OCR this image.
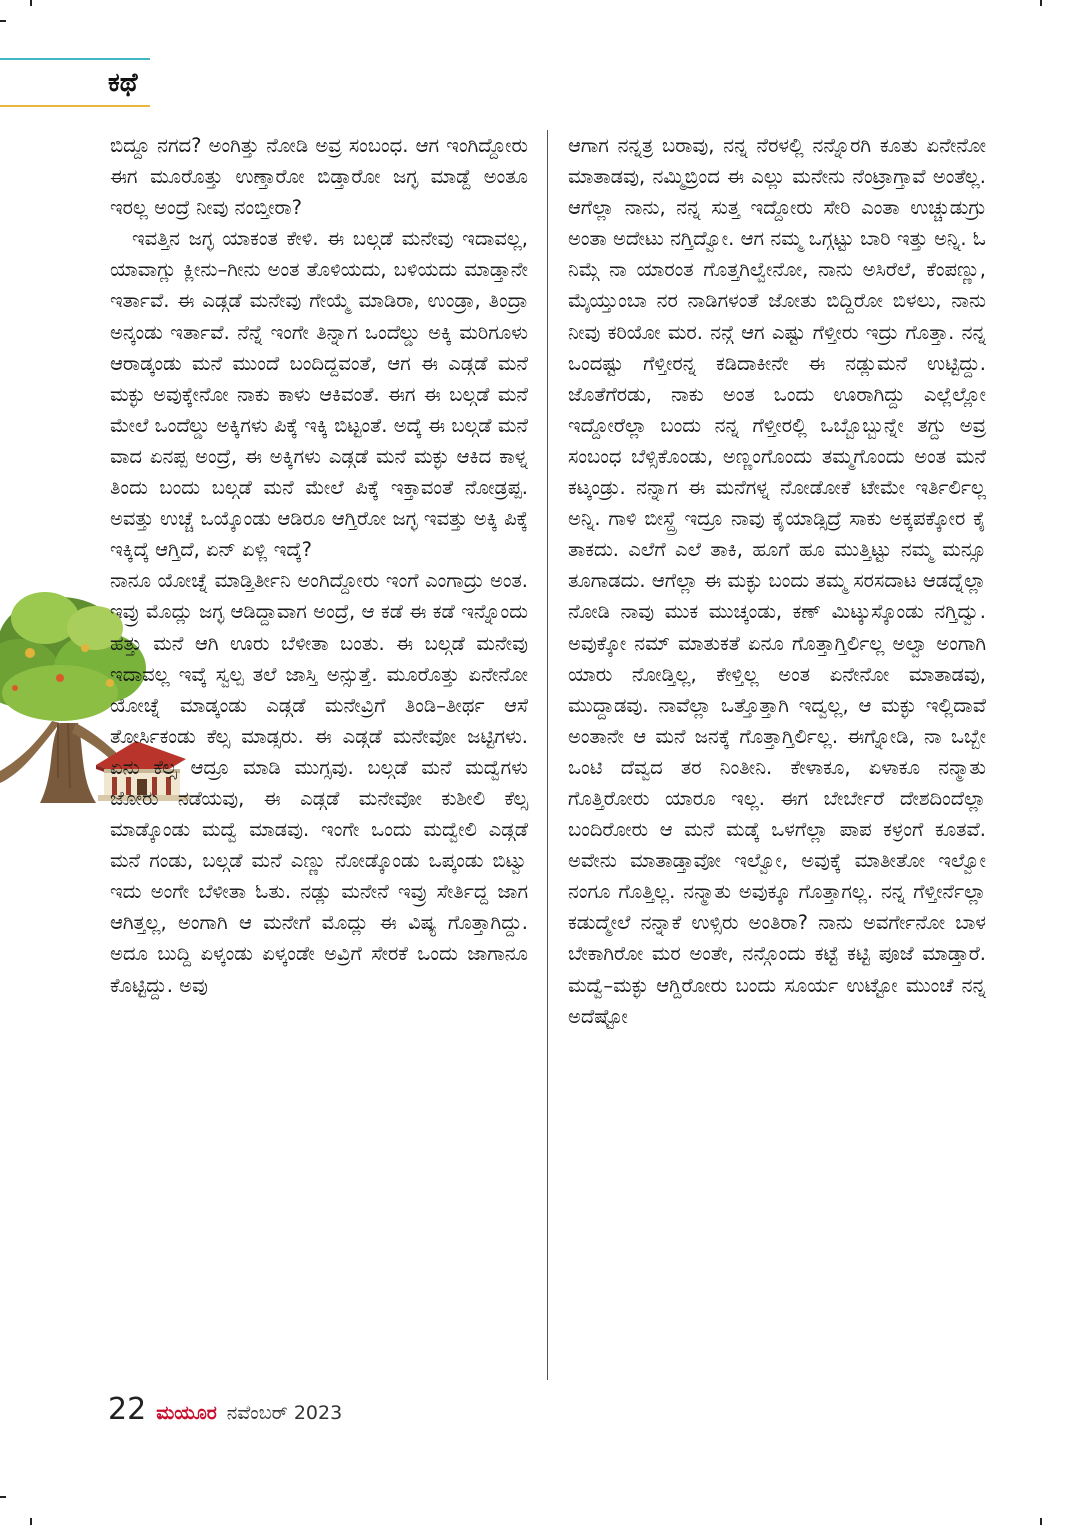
ಕಥೆ

ಬಿದ್ದೂ ನಗದ? ಅಂಗಿತ್ತು ನೋಡಿ ಅವ್ರ ಸಂಬಂಧ. ಆಗ ಇಂಗಿದ್ದೋರು ಈಗ ಮೂರೊತ್ತು ಉಣ್ತಾರೋ ಬಿಡ್ತಾರೋ ಜಗ್ಳ ಮಾಡ್ದೆ ಅಂತೂ ಇರಲ್ಲ ಅಂದ್ರೆ ನೀವು ನಂಬ್ತೀರಾ?

ಇವತ್ತಿನ ಜಗ್ಳ ಯಾಕಂತ ಕೇಳಿ. ಈ ಬಲ್ಗಡೆ ಮನೇವು ಇದಾವಲ್ಲ, ಯಾವಾಗ್ಲು ಕ್ಲೀನು–ಗೀನು ಅಂತ ತೊಳಿಯದು, ಬಳಿಯದು ಮಾಡ್ತಾನೇ ಇರ್ತಾವೆ. ಈ ಎಡ್ಗಡೆ ಮನೇವು ಗೇಯ್ಮೆ ಮಾಡಿರಾ, ಉಂಡ್ರಾ, ತಿಂದ್ರಾ ಅನ್ಕಂಡು ಇರ್ತಾವೆ. ನೆನ್ನೆ ಇಂಗೇ ತಿನ್ನಾಗ ಒಂದೆಲ್ಡು ಅಕ್ಕಿ ಮರಿಗೂಳು ಆರಾಡ್ಕಂಡು ಮನೆ ಮುಂದೆ ಬಂದಿದ್ದವಂತೆ, ಆಗ ಈ ಎಡ್ಗಡೆ ಮನೆ ಮಕ್ಳು ಅವುಕ್ಕೇನೋ ನಾಕು ಕಾಳು ಆಕಿವಂತೆ. ಈಗ ಈ ಬಲ್ಗಡೆ ಮನೆ ಮೇಲೆ ಒಂದೆಲ್ಡು ಅಕ್ಕಿಗಳು ಪಿಕ್ಕೆ ಇಕ್ಕಿ ಬಿಟ್ಟಂತೆ. ಅದ್ಕೆ ಈ ಬಲ್ಗಡೆ ಮನೆ ವಾದ ಏನಪ್ಪ ಅಂದ್ರೆ, ಈ ಅಕ್ಕಿಗಳು ಎಡ್ಗಡೆ ಮನೆ ಮಕ್ಳು ಆಕಿದ ಕಾಳ್ನ ತಿಂದು ಬಂದು ಬಲ್ಗಡೆ ಮನೆ ಮೇಲೆ ಪಿಕ್ಕೆ ಇಕ್ತಾವಂತೆ ನೋಡ್ರಪ್ಪ. ಅವತ್ತು ಉಚ್ಚೆ ಒಯ್ಕೊಂಡು ಆಡಿರೂ ಆಗ್ತಿರೋ ಜಗ್ಳ ಇವತ್ತು ಅಕ್ಕಿ ಪಿಕ್ಕೆ ಇಕ್ಕಿದ್ಕೆ ಆಗ್ತಿದೆ, ಏನ್ ಏಳ್ಲಿ ಇದ್ಕೆ?

ನಾನೂ ಯೋಚ್ನೆ ಮಾಡ್ತಿರ್ತೀನಿ ಅಂಗಿದ್ದೋರು ಇಂಗೆ ಎಂಗಾದ್ರು ಅಂತ. ಇವ್ರು ಮೊದ್ಲು ಜಗ್ಳ ಆಡಿದ್ದಾವಾಗ ಅಂದ್ರೆ, ಆ ಕಡೆ ಈ ಕಡೆ ಇನ್ನೊಂದು ಹತ್ತು ಮನೆ ಆಗಿ ಊರು ಬೆಳೀತಾ ಬಂತು. ಈ ಬಲ್ಗಡೆ ಮನೇವು ಇದಾವಲ್ಲ ಇವ್ಕೆ ಸ್ವಲ್ಪ ತಲೆ ಜಾಸ್ತಿ ಅನ್ಸುತ್ತೆ. ಮೂರೊತ್ತು ಏನೇನೋ ಯೋಚ್ನೆ ಮಾಡ್ಕಂಡು ಎಡ್ಗಡೆ ಮನೇವ್ರಿಗೆ ತಿಂಡಿ–ತೀರ್ಥ ಆಸೆ ತೋರ್ಸಿಕಂಡು ಕೆಲ್ಸ ಮಾಡ್ಸರು. ಈ ಎಡ್ಗಡೆ ಮನೇವೋ ಜಟ್ಟಿಗಳು. ಏನು ಕೆಲ್ಸ ಆದ್ರೂ ಮಾಡಿ ಮುಗ್ಸವು. ಬಲ್ಗಡೆ ಮನೆ ಮದ್ವೆಗಳು ಜೋರು ನಡೆಯವು, ಈ ಎಡ್ಗಡೆ ಮನೇವೋ ಕುಶೀಲಿ ಕೆಲ್ಸ ಮಾಡ್ಕೊಂಡು ಮದ್ವೆ ಮಾಡವು. ಇಂಗೇ ಒಂದು ಮದ್ವೇಲಿ ಎಡ್ಗಡೆ ಮನೆ ಗಂಡು, ಬಲ್ಗಡೆ ಮನೆ ಎಣ್ಣು ನೋಡ್ಕೊಂಡು ಒಪ್ಕಂಡು ಬಿಟ್ವು ಇದು ಅಂಗೇ ಬೆಳೀತಾ ಓತು. ನಡ್ಲು ಮನೇನೆ ಇವ್ರು ಸೇರ್ತಿದ್ದ ಜಾಗ ಆಗಿತ್ತಲ್ಲ, ಅಂಗಾಗಿ ಆ ಮನೇಗೆ ಮೊದ್ಲು ಈ ವಿಷ್ಯ ಗೊತ್ತಾಗಿದ್ದು. ಅದೂ ಬುದ್ದಿ ಏಳ್ಕಂಡು ಏಳ್ಕಂಡೇ ಅವ್ರಿಗೆ ಸೇರಕೆ ಒಂದು ಜಾಗಾನೂ ಕೊಟ್ಟಿದ್ದು. ಅವು

ಆಗಾಗ ನನ್ನತ್ರ ಬರಾವು, ನನ್ನ ನೆರಳಲ್ಲಿ ನನ್ನೊರಗಿ ಕೂತು ಏನೇನೋ ಮಾತಾಡವು, ನಮ್ಮಿಬ್ರಿಂದ ಈ ಎಲ್ಲು ಮನೇನು ನೆಂಟ್ರಾಗ್ತಾವೆ ಅಂತೆಲ್ಲ. ಆಗೆಲ್ಲಾ ನಾನು, ನನ್ನ ಸುತ್ತ ಇದ್ದೋರು ಸೇರಿ ಎಂತಾ ಉಚ್ಚುಡುಗ್ರು ಅಂತಾ ಅದೇಟು ನಗ್ತಿದ್ವೋ. ಆಗ ನಮ್ಮ ಒಗ್ಗಟ್ಟು ಬಾರಿ ಇತ್ತು ಅನ್ನಿ. ಓ ನಿಮ್ಗೆ ನಾ ಯಾರಂತ ಗೊತ್ತಗಿಲ್ವೇನೋ, ನಾನು ಅಸಿರೆಲೆ, ಕೆಂಪಣ್ಣು, ಮೈಯ್ತುಂಬಾ ನರ ನಾಡಿಗಳಂತೆ ಜೋತು ಬಿದ್ದಿರೋ ಬಿಳಲು, ನಾನು ನೀವು ಕರಿಯೋ ಮರ. ನನ್ಗೆ ಆಗ ಎಷ್ಟು ಗೆಳ್ತೀರು ಇದ್ರು ಗೊತ್ತಾ. ನನ್ನ ಒಂದಷ್ಟು ಗೆಳ್ತೀರನ್ನ ಕಡಿದಾಕೀನೇ ಈ ನಡ್ಲುಮನೆ ಉಟ್ಟಿದ್ದು. ಜೊತೆಗೆರಡು, ನಾಕು ಅಂತ ಒಂದು ಊರಾಗಿದ್ದು ಎಲ್ಲೆಲ್ಲೋ ಇದ್ದೋರೆಲ್ಲಾ ಬಂದು ನನ್ನ ಗೆಳ್ತೀರಲ್ಲಿ ಒಬ್ಬೊಬ್ಬುನ್ನೇ ತಗ್ದು ಅವ್ರ ಸಂಬಂಧ ಬೆಳ್ಸಿಕೊಂಡು, ಅಣ್ಣಂಗೊಂದು ತಮ್ಮಗೊಂದು ಅಂತ ಮನೆ ಕಟ್ಕಂಡ್ರು. ನನ್ನಾಗ ಈ ಮನೆಗಳ್ನ ನೋಡೋಕೆ ಟೇಮೇ ಇರ್ತಿರ್ಲಿಲ್ಲ ಅನ್ನಿ. ಗಾಳಿ ಬೀಸ್ದ್ರೆ ಇದ್ರೂ ನಾವು ಕೈಯಾಡ್ಸಿದ್ರೆ ಸಾಕು ಅಕ್ಕಪಕ್ಕೋರ ಕೈ ತಾಕದು. ಎಲೆಗೆ ಎಲೆ ತಾಕಿ, ಹೂಗೆ ಹೂ ಮುತ್ತಿಟ್ಟು ನಮ್ಮ ಮನ್ಸೂ ತೂಗಾಡದು. ಆಗೆಲ್ಲಾ ಈ ಮಕ್ಳು ಬಂದು ತಮ್ಮ ಸರಸದಾಟ ಆಡದ್ನೆಲ್ಲಾ ನೋಡಿ ನಾವು ಮುಕ ಮುಚ್ಕಂಡು, ಕಣ್ ಮಿಟ್ಕುಸ್ಕೊಂಡು ನಗ್ತಿದ್ವು. ಅವುಕ್ಕೋ ನಮ್ ಮಾತುಕತೆ ಏನೂ ಗೊತ್ತಾಗ್ತಿರ್ಲಿಲ್ಲ ಅಲ್ವಾ ಅಂಗಾಗಿ ಯಾರು ನೋಡ್ತಿಲ್ಲ, ಕೇಳ್ತಿಲ್ಲ ಅಂತ ಏನೇನೋ ಮಾತಾಡವು, ಮುದ್ದಾಡವು. ನಾವೆಲ್ಲಾ ಒತ್ತೊತ್ತಾಗಿ ಇದ್ವಲ್ಲ, ಆ ಮಕ್ಳು ಇಲ್ಲಿದಾವೆ ಅಂತಾನೇ ಆ ಮನೆ ಜನಕ್ಕೆ ಗೊತ್ತಾಗ್ತಿರ್ಲಿಲ್ಲ. ಈಗ್ನೋಡಿ, ನಾ ಒಬ್ಬೇ ಒಂಟಿ ದೆವ್ವದ ತರ ನಿಂತೀನಿ. ಕೇಳಾಕೂ, ಏಳಾಕೂ ನನ್ಮಾತು ಗೊತ್ತಿರೋರು ಯಾರೂ ಇಲ್ಲ. ಈಗ ಬೇರ್ಬೇರೆ ದೇಶದಿಂದೆಲ್ಲಾ ಬಂದಿರೋರು ಆ ಮನೆ ಮಡ್ಕೆ ಒಳಗೆಲ್ಲಾ ಪಾಪ ಕಳ್ರಂಗೆ ಕೂತವೆ. ಅವೇನು ಮಾತಾಡ್ತಾವೋ ಇಲ್ವೋ, ಅವುಕ್ಕೆ ಮಾತೀತೋ ಇಲ್ವೋ ನಂಗೂ ಗೊತ್ತಿಲ್ಲ. ನನ್ಮಾತು ಅವುಕ್ಕೂ ಗೊತ್ತಾಗಲ್ಲ. ನನ್ನ ಗೆಳ್ತೀರ್ನೆಲ್ಲಾ ಕಡುದ್ಮೇಲೆ ನನ್ನಾಕೆ ಉಳ್ಸಿರು ಅಂತಿರಾ? ನಾನು ಅವರ್ಗೇನೋ ಬಾಳ ಬೇಕಾಗಿರೋ ಮರ ಅಂತೇ, ನನ್ಗೊಂದು ಕಟ್ಟೆ ಕಟ್ಟಿ ಪೂಜೆ ಮಾಡ್ತಾರೆ. ಮದ್ವೆ–ಮಕ್ಳು ಆಗ್ದಿರೋರು ಬಂದು ಸೂರ್ಯ ಉಟ್ಟೋ ಮುಂಚೆ ನನ್ನ ಅದೆಷ್ಟೋ

22 ಮಯೂರ ನವೆಂಬರ್ 2023
